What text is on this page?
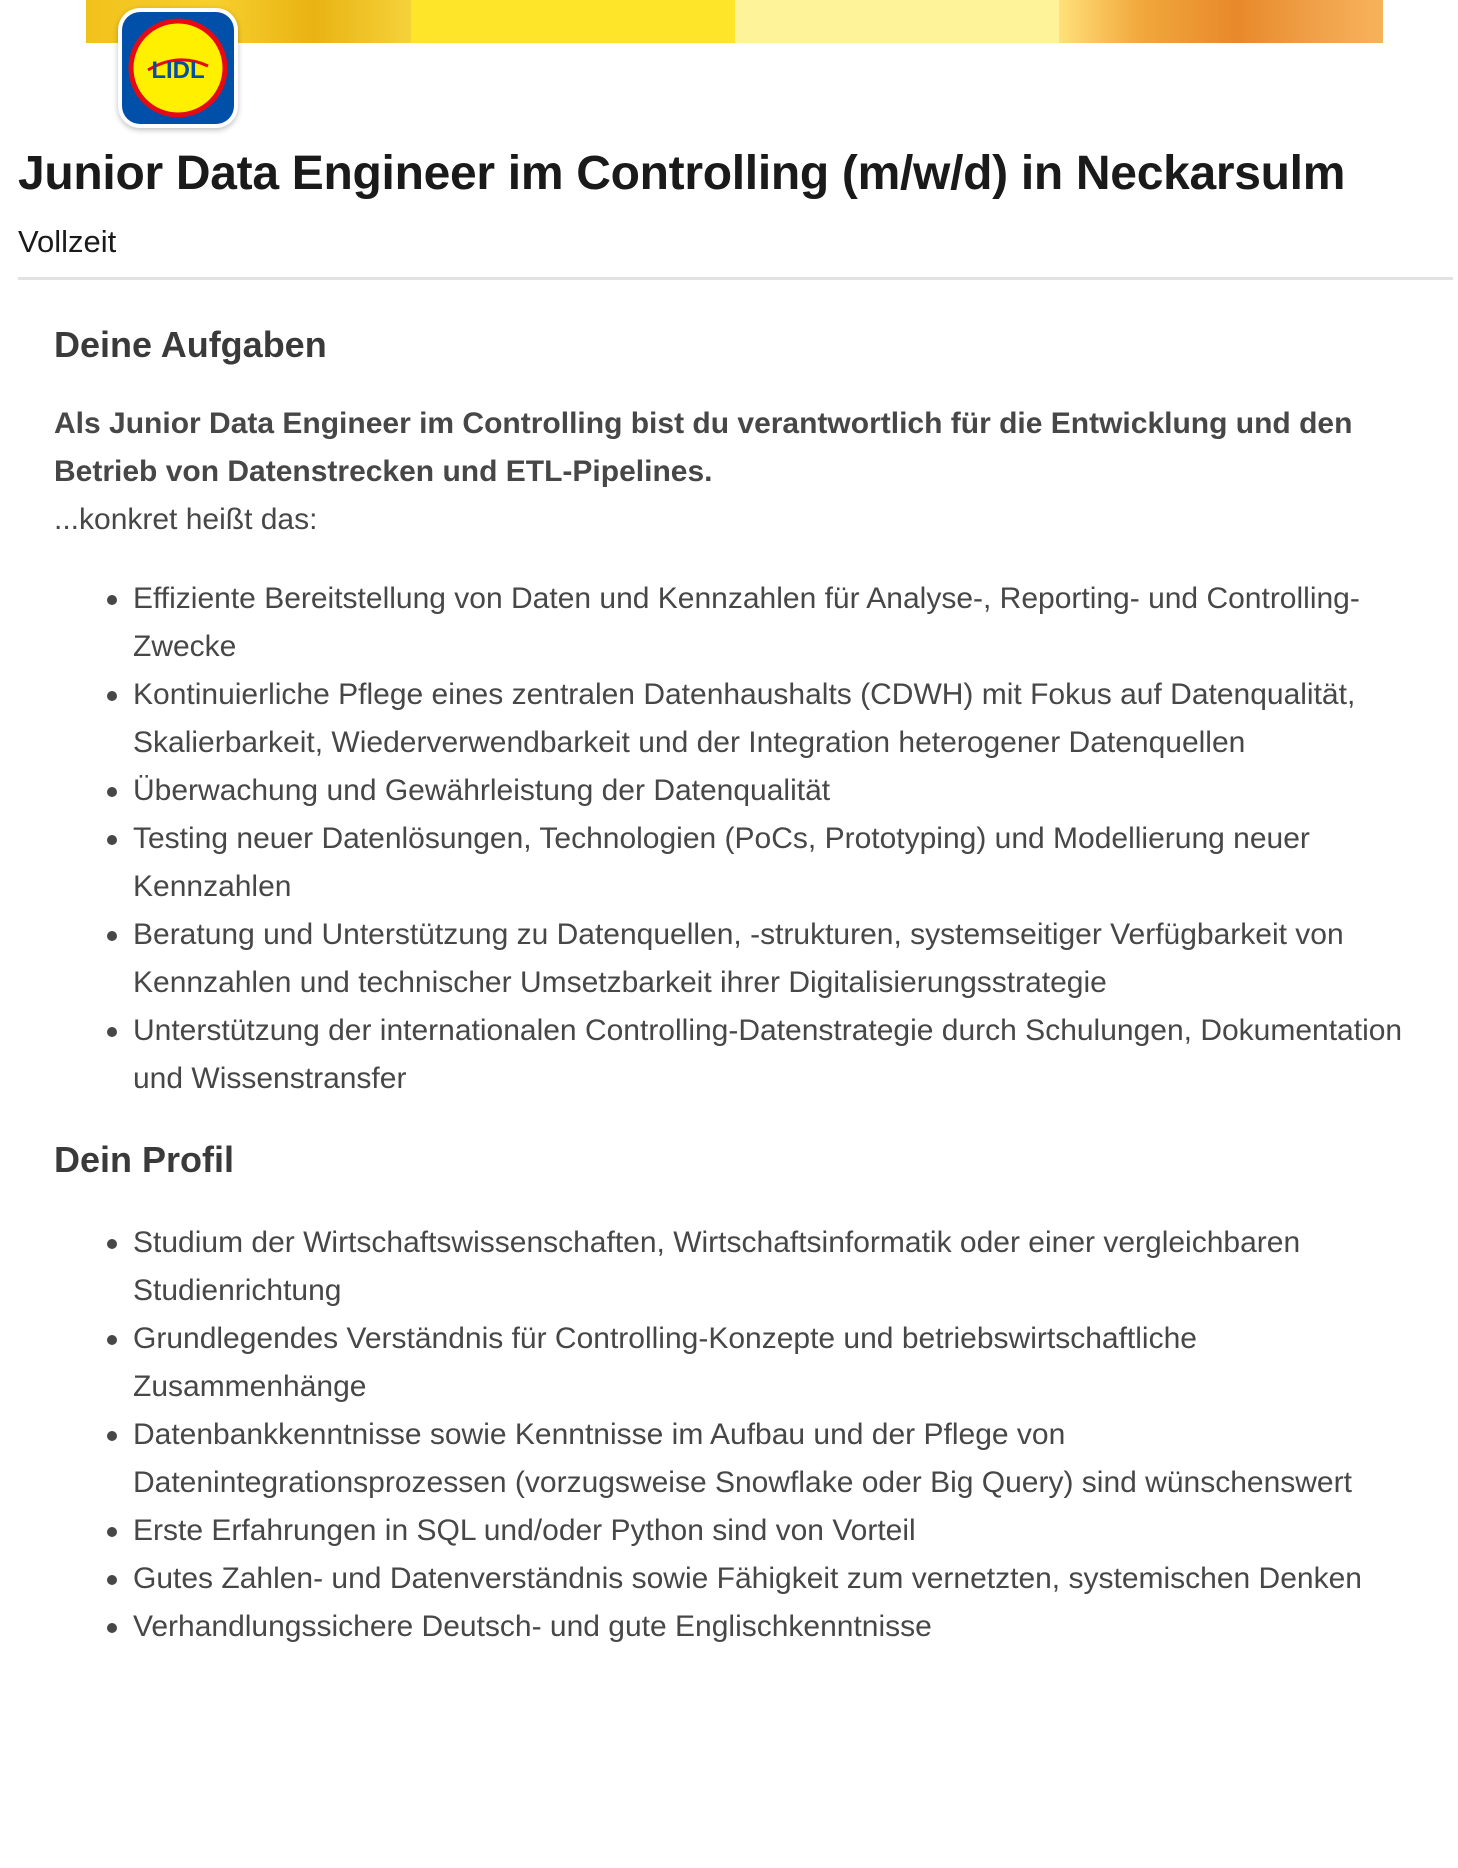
LIDL
Junior Data Engineer im Controlling (m/w/d) in Neckarsulm

Vollzeit

Deine Aufgaben

Als Junior Data Engineer im Controlling bist du verantwortlich für die Entwicklung und den Betrieb von Datenstrecken und ETL-Pipelines.

...konkret heißt das:

Effiziente Bereitstellung von Daten und Kennzahlen für Analyse-, Reporting- und Controlling-Zwecke
Kontinuierliche Pflege eines zentralen Datenhaushalts (CDWH) mit Fokus auf Datenqualität, Skalierbarkeit, Wiederverwendbarkeit und der Integration heterogener Datenquellen
Überwachung und Gewährleistung der Datenqualität
Testing neuer Datenlösungen, Technologien (PoCs, Prototyping) und Modellierung neuer Kennzahlen
Beratung und Unterstützung zu Datenquellen, -strukturen, systemseitiger Verfügbarkeit von Kennzahlen und technischer Umsetzbarkeit ihrer Digitalisierungsstrategie
Unterstützung der internationalen Controlling-Datenstrategie durch Schulungen, Dokumentation und Wissenstransfer
Dein Profil
Studium der Wirtschaftswissenschaften, Wirtschaftsinformatik oder einer vergleichbaren Studienrichtung
Grundlegendes Verständnis für Controlling-Konzepte und betriebswirtschaftliche Zusammenhänge
Datenbankkenntnisse sowie Kenntnisse im Aufbau und der Pflege von Datenintegrationsprozessen (vorzugsweise Snowflake oder Big Query) sind wünschenswert
Erste Erfahrungen in SQL und/oder Python sind von Vorteil
Gutes Zahlen- und Datenverständnis sowie Fähigkeit zum vernetzten, systemischen Denken
Verhandlungssichere Deutsch- und gute Englischkenntnisse
